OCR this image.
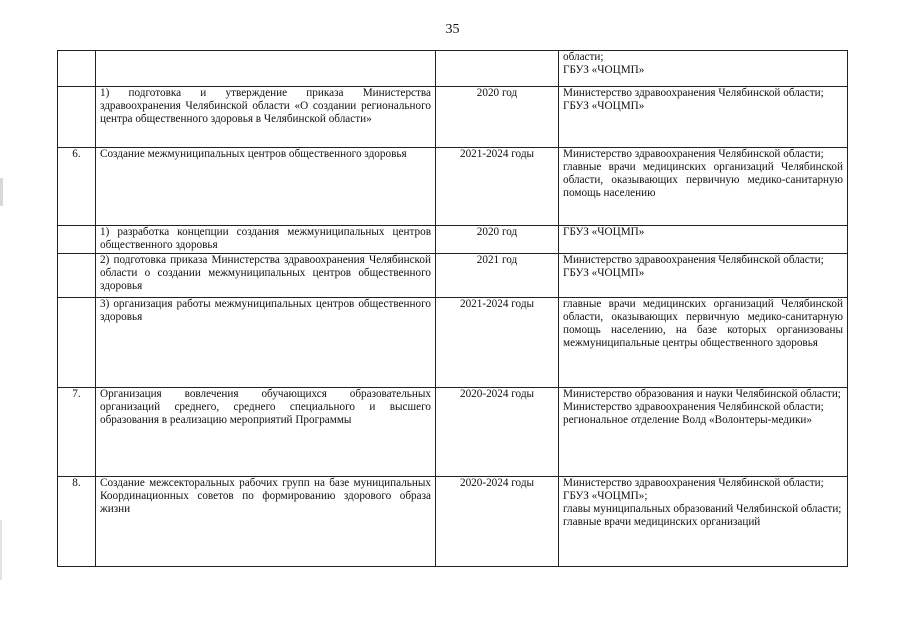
35

			области;
ГБУЗ «ЧОЦМП»

	1) подготовка и утверждение приказа Министерства здравоохранения Челябинской области «О создании регионального центра общественного здоровья в Челябинской области»	2020 год	Министерство здравоохранения Челябинской области;
ГБУЗ «ЧОЦМП»

6.	Создание межмуниципальных центров общественного здоровья	2021-2024 годы	Министерство здравоохранения Челябинской области;
главные врачи медицинских организаций Челябинской области, оказывающих первичную медико-санитарную помощь населению

	1) разработка концепции создания межмуниципальных центров общественного здоровья	2020 год	ГБУЗ «ЧОЦМП»

	2) подготовка приказа Министерства здравоохранения Челябинской области о создании межмуниципальных центров общественного здоровья	2021 год	Министерство здравоохранения Челябинской области;
ГБУЗ «ЧОЦМП»

	3) организация работы межмуниципальных центров общественного здоровья	2021-2024 годы	главные врачи медицинских организаций Челябинской области, оказывающих первичную медико-санитарную помощь населению, на базе которых организованы межмуниципальные центры общественного здоровья

7.	Организация вовлечения обучающихся образовательных организаций среднего, среднего специального и высшего образования в реализацию мероприятий Программы	2020-2024 годы	Министерство образования и науки Челябинской области;
Министерство здравоохранения Челябинской области;
региональное отделение Волд «Волонтеры-медики»

8.	Создание межсекторальных рабочих групп на базе муниципальных Координационных советов по формированию здорового образа жизни	2020-2024 годы	Министерство здравоохранения Челябинской области;
ГБУЗ «ЧОЦМП»;
главы муниципальных образований Челябинской области;
главные врачи медицинских организаций
